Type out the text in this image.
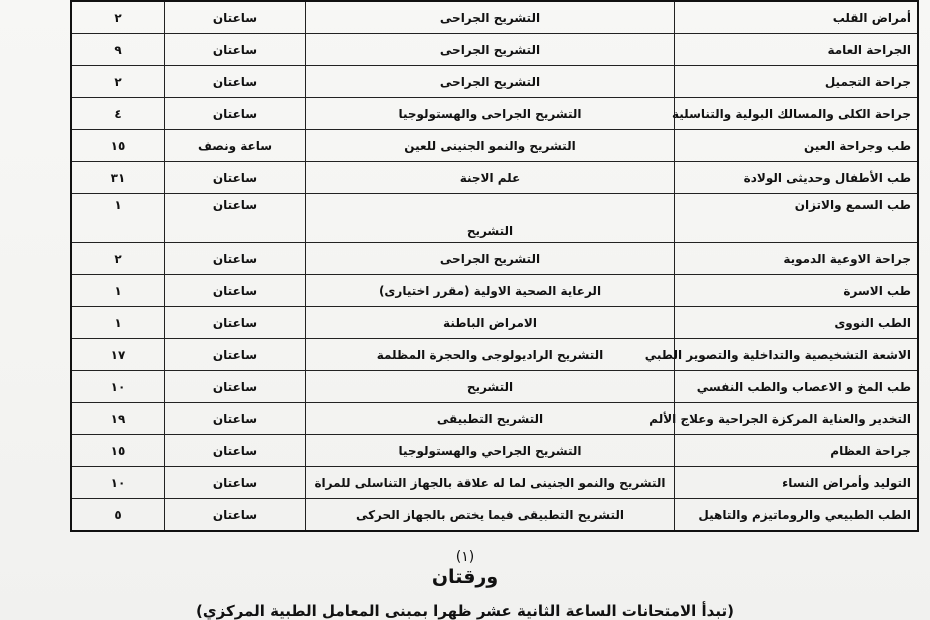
أمراض القلب	التشريح الجراحى	ساعتان	٢
الجراحة العامة	التشريح الجراحى	ساعتان	٩
جراحة التجميل	التشريح الجراحى	ساعتان	٢
جراحة الكلى والمسالك البولية والتناسلية	التشريح الجراحى والهستولوجيا	ساعتان	٤
طب وجراحة العين	التشريح والنمو الجنينى للعين	ساعة ونصف	١٥
طب الأطفال وحديثى الولادة	علم الاجنة	ساعتان	٣١
طب السمع والاتزان	التشريح	ساعتان	١
جراحة الاوعية الدموية	التشريح الجراحى	ساعتان	٢
طب الاسرة	الرعاية الصحية الاولية (مقرر اختيارى)	ساعتان	١
الطب النووى	الامراض الباطنة	ساعتان	١
الاشعة التشخيصية والتداخلية والتصوير الطبي	التشريح الراديولوجى والحجرة المظلمة	ساعتان	١٧
طب المخ و الاعصاب والطب النفسي	التشريح	ساعتان	١٠
التخدير والعناية المركزة الجراحية وعلاج الألم	التشريح التطبيقى	ساعتان	١٩
جراحة العظام	التشريح الجراحي والهستولوجيا	ساعتان	١٥
التوليد وأمراض النساء	التشريح والنمو الجنينى لما له علاقة بالجهاز التناسلى للمراة	ساعتان	١٠
الطب الطبيعي والروماتيزم والتاهيل	التشريح التطبيقى فيما يختص بالجهاز الحركى	ساعتان	٥
(١)
ورقتان
(تبدأ الامتحانات الساعة الثانية عشر ظهرا بمبنى المعامل الطبية المركزي)
